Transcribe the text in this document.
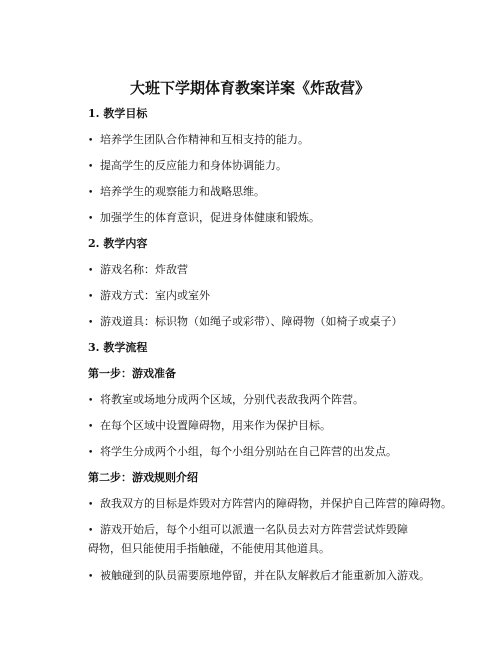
大班下学期体育教案详案《炸敌营》
1. 教学目标
• 培养学生团队合作精神和互相支持的能力。
• 提高学生的反应能力和身体协调能力。
• 培养学生的观察能力和战略思维。
• 加强学生的体育意识，促进身体健康和锻炼。
2. 教学内容
• 游戏名称：炸敌营
• 游戏方式：室内或室外
• 游戏道具：标识物（如绳子或彩带）、障碍物（如椅子或桌子）
3. 教学流程
第一步：游戏准备
• 将教室或场地分成两个区域，分别代表敌我两个阵营。
• 在每个区域中设置障碍物，用来作为保护目标。
• 将学生分成两个小组，每个小组分别站在自己阵营的出发点。
第二步：游戏规则介绍
• 敌我双方的目标是炸毁对方阵营内的障碍物，并保护自己阵营的障碍物。
• 游戏开始后，每个小组可以派遣一名队员去对方阵营尝试炸毁障碍物，但只能使用手指触碰，不能使用其他道具。
• 被触碰到的队员需要原地停留，并在队友解救后才能重新加入游戏。
